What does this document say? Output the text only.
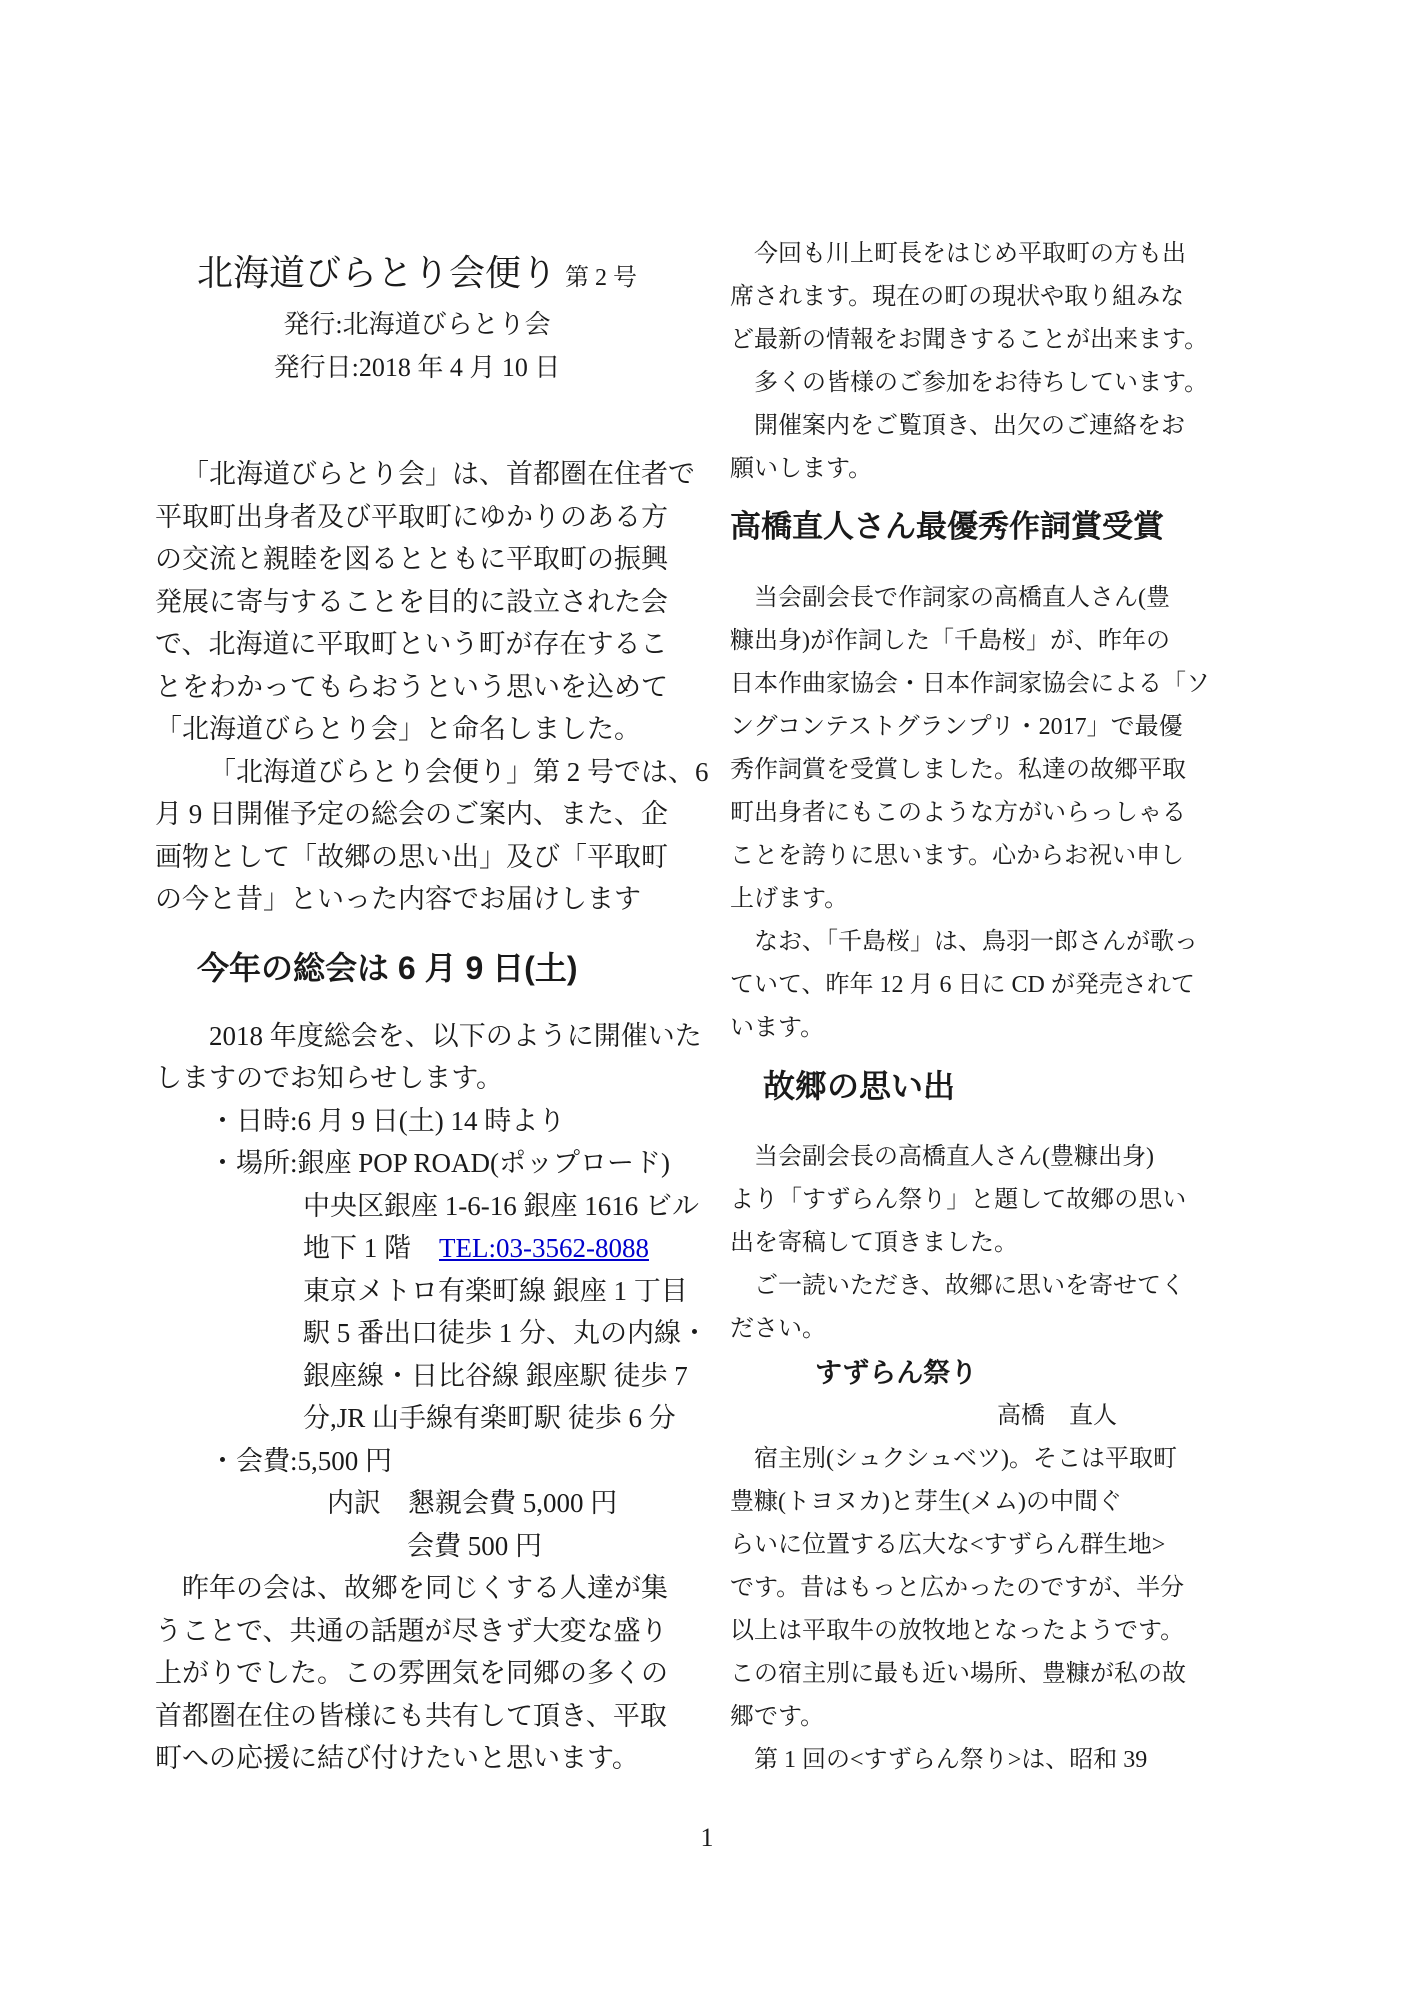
北海道びらとり会便り 第 2 号
発行:北海道びらとり会
発行日:2018 年 4 月 10 日
「北海道びらとり会」は、首都圏在住者で
平取町出身者及び平取町にゆかりのある方
の交流と親睦を図るとともに平取町の振興
発展に寄与することを目的に設立された会
で、北海道に平取町という町が存在するこ
とをわかってもらおうという思いを込めて
「北海道びらとり会」と命名しました。
「北海道びらとり会便り」第 2 号では、6
月 9 日開催予定の総会のご案内、また、企
画物として「故郷の思い出」及び「平取町
の今と昔」といった内容でお届けします
今年の総会は 6 月 9 日(土)
2018 年度総会を、以下のように開催いた
しますのでお知らせします。
・日時:6 月 9 日(土) 14 時より
・場所:銀座 POP ROAD(ポップロード)
中央区銀座 1-6-16 銀座 1616 ビル
地下 1 階 TEL:03-3562-8088
東京メトロ有楽町線 銀座 1 丁目
駅 5 番出口徒歩 1 分、丸の内線・
銀座線・日比谷線 銀座駅 徒歩 7
分,JR 山手線有楽町駅 徒歩 6 分
・会費:5,500 円
内訳　懇親会費 5,000 円
会費 500 円
昨年の会は、故郷を同じくする人達が集
うことで、共通の話題が尽きず大変な盛り
上がりでした。この雰囲気を同郷の多くの
首都圏在住の皆様にも共有して頂き、平取
町への応援に結び付けたいと思います。
今回も川上町長をはじめ平取町の方も出
席されます。現在の町の現状や取り組みな
ど最新の情報をお聞きすることが出来ます。
多くの皆様のご参加をお待ちしています。
開催案内をご覧頂き、出欠のご連絡をお
願いします。
高橋直人さん最優秀作詞賞受賞
当会副会長で作詞家の高橋直人さん(豊
糠出身)が作詞した「千島桜」が、昨年の
日本作曲家協会・日本作詞家協会による「ソ
ングコンテストグランプリ・2017」で最優
秀作詞賞を受賞しました。私達の故郷平取
町出身者にもこのような方がいらっしゃる
ことを誇りに思います。心からお祝い申し
上げます。
なお、「千島桜」は、鳥羽一郎さんが歌っ
ていて、昨年 12 月 6 日に CD が発売されて
います。
故郷の思い出
当会副会長の高橋直人さん(豊糠出身)
より「すずらん祭り」と題して故郷の思い
出を寄稿して頂きました。
ご一読いただき、故郷に思いを寄せてく
ださい。
すずらん祭り
高橋　直人
宿主別(シュクシュベツ)。そこは平取町
豊糠(トヨヌカ)と芽生(メム)の中間ぐ
らいに位置する広大な<すずらん群生地>
です。昔はもっと広かったのですが、半分
以上は平取牛の放牧地となったようです。
この宿主別に最も近い場所、豊糠が私の故
郷です。
第 1 回の<すずらん祭り>は、昭和 39
1
